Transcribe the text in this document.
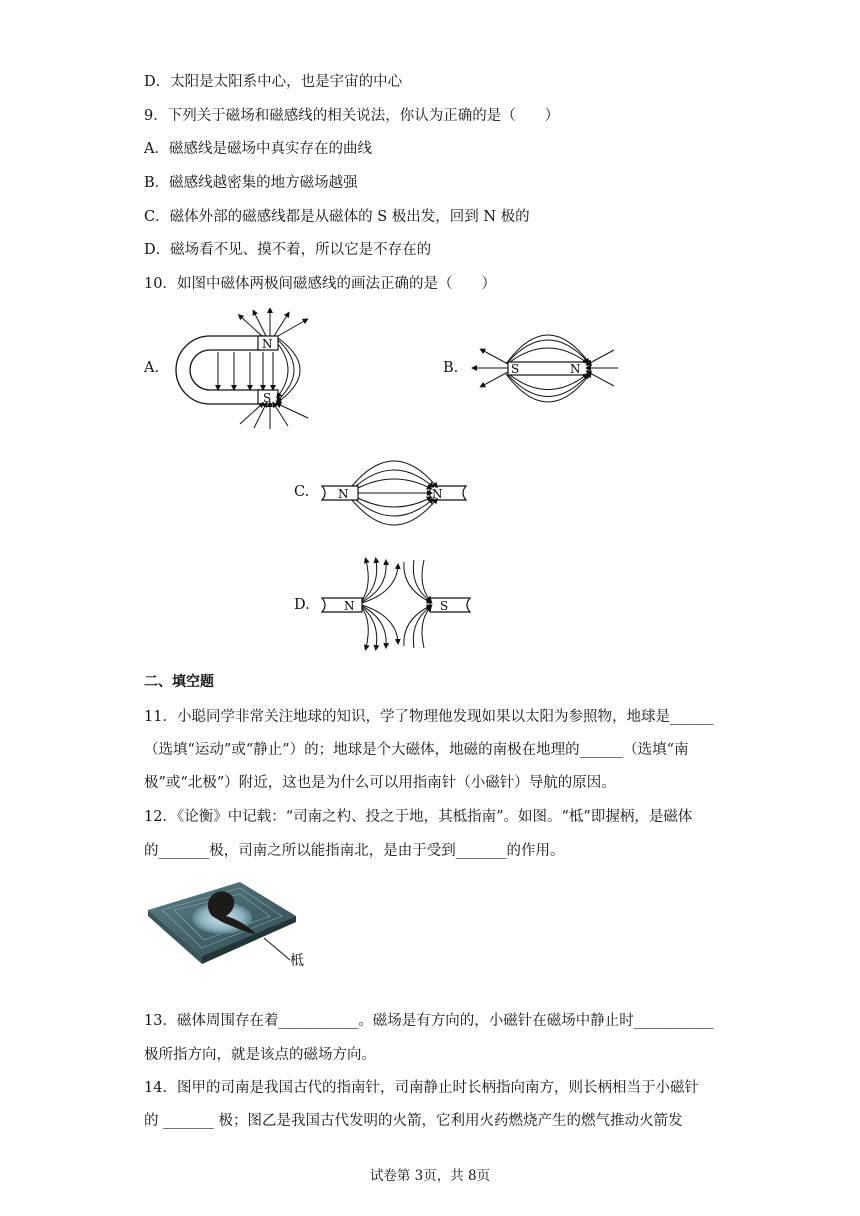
D．太阳是太阳系中心，也是宇宙的中心
9．下列关于磁场和磁感线的相关说法，你认为正确的是（　　）
A．磁感线是磁场中真实存在的曲线
B．磁感线越密集的地方磁场越强
C．磁体外部的磁感线都是从磁体的 S 极出发，回到 N 极的
D．磁场看不见、摸不着，所以它是不存在的
10．如图中磁体两极间磁感线的画法正确的是（　　）
A.
N
S
B.	S	N
C. N	N
D.	N	S
二、填空题
11．小聪同学非常关注地球的知识，学了物理他发现如果以太阳为参照物，地球是______
（选填“运动”或“静止”）的；地球是个大磁体，地磁的南极在地理的______（选填“南
极”或“北极”）附近，这也是为什么可以用指南针（小磁针）导航的原因。
12．《论衡》中记载：“司南之杓、投之于地，其柢指南”。如图。“柢”即握柄，是磁体
的_______极，司南之所以能指南北，是由于受到_______的作用。
柢
13．磁体周围存在着___________。磁场是有方向的，小磁针在磁场中静止时___________
极所指方向，就是该点的磁场方向。
14．图甲的司南是我国古代的指南针，司南静止时长柄指向南方，则长柄相当于小磁针
的 _______ 极；图乙是我国古代发明的火箭，它利用火药燃烧产生的燃气推动火箭发
试卷第 3页，共 8页
